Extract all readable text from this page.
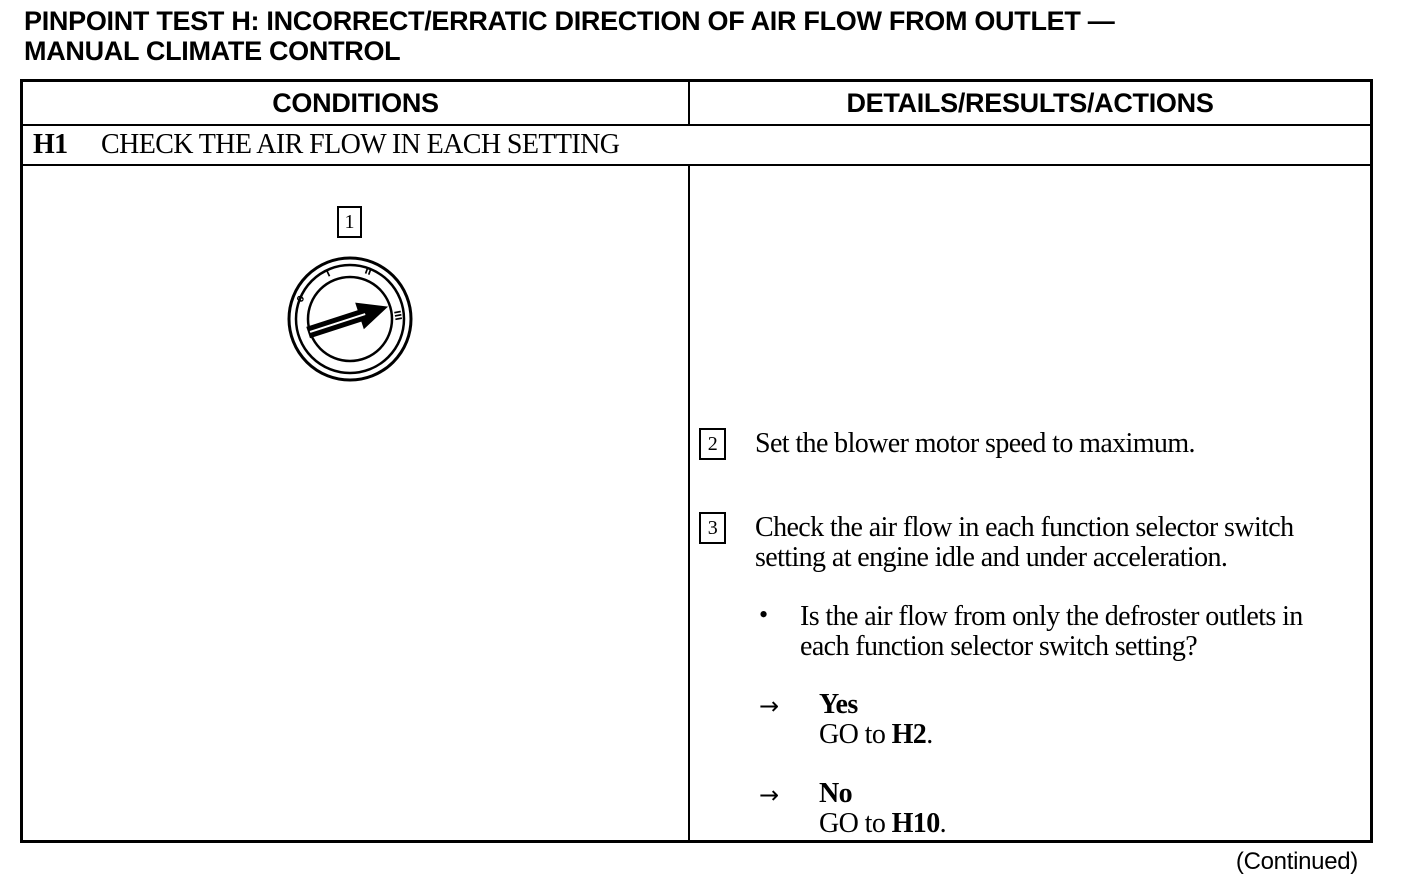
PINPOINT TEST H: INCORRECT/ERRATIC DIRECTION OF AIR FLOW FROM OUTLET —
MANUAL CLIMATE CONTROL
CONDITIONS	DETAILS/RESULTS/ACTIONS
H1 CHECK THE AIR FLOW IN EACH SETTING
1
0
I	II
III
2	Set the blower motor speed to maximum.
3	Check the air flow in each function selector switch
setting at engine idle and under acceleration.
• Is the air flow from only the defroster outlets in
each function selector switch setting?
→ Yes
GO to H2.
→ No
GO to H10.
(Continued)
